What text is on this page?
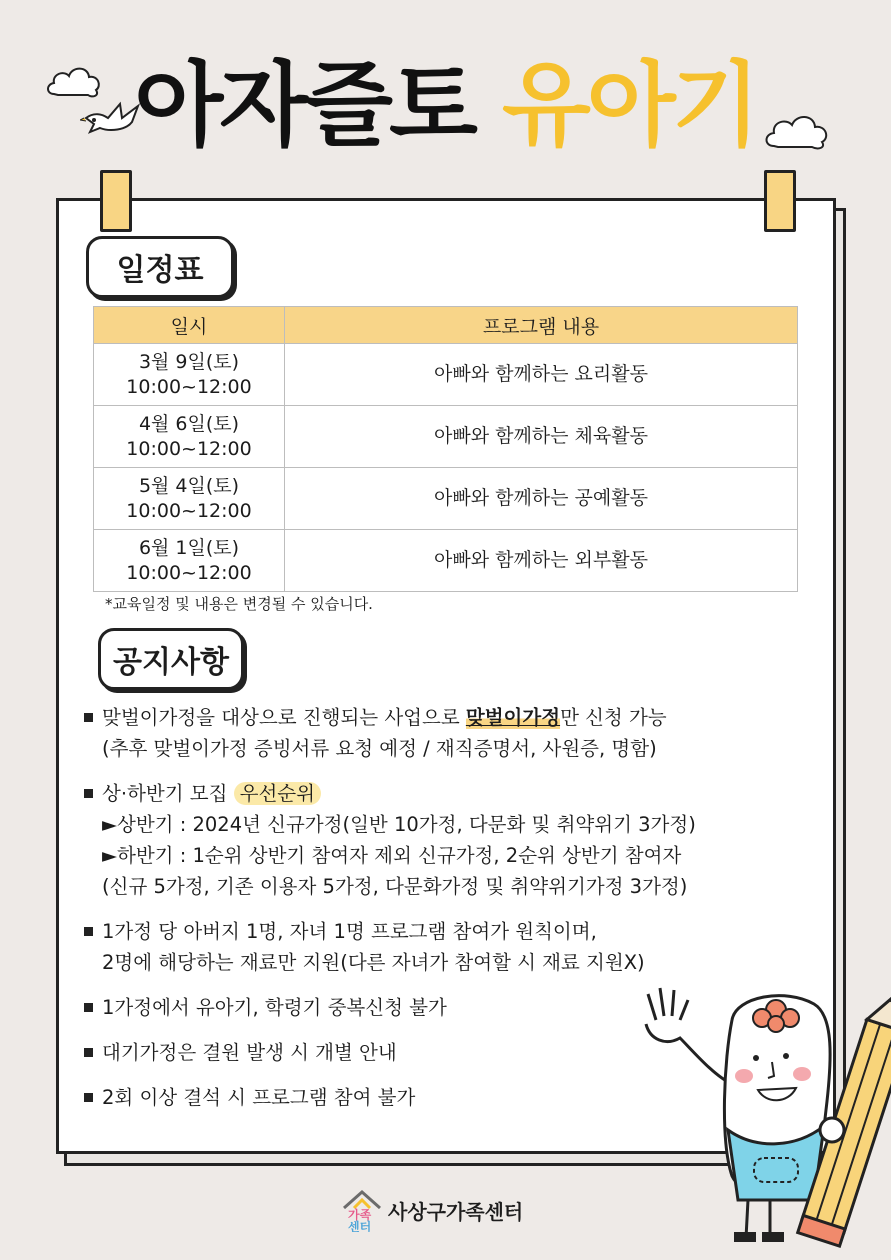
아자즐토 유아기
일정표
일시	프로그램 내용

3월 9일(토)
10:00~12:00	아빠와 함께하는 요리활동

4월 6일(토)
10:00~12:00	아빠와 함께하는 체육활동

5월 4일(토)
10:00~12:00	아빠와 함께하는 공예활동

6월 1일(토)
10:00~12:00	아빠와 함께하는 외부활동
*교육일정 및 내용은 변경될 수 있습니다.
공지사항
맞벌이가정을 대상으로 진행되는 사업으로 맞벌이가정만 신청 가능
(추후 맞벌이가정 증빙서류 요청 예정 / 재직증명서, 사원증, 명함)
상·하반기 모집 우선순위
►상반기 : 2024년 신규가정(일반 10가정, 다문화 및 취약위기 3가정)
►하반기 : 1순위 상반기 참여자 제외 신규가정, 2순위 상반기 참여자
(신규 5가정, 기존 이용자 5가정, 다문화가정 및 취약위기가정 3가정)
1가정 당 아버지 1명, 자녀 1명 프로그램 참여가 원칙이며,
2명에 해당하는 재료만 지원(다른 자녀가 참여할 시 재료 지원X)
1가정에서 유아기, 학령기 중복신청 불가
대기가정은 결원 발생 시 개별 안내
2회 이상 결석 시 프로그램 참여 불가
가족
센터
사상구가족센터
